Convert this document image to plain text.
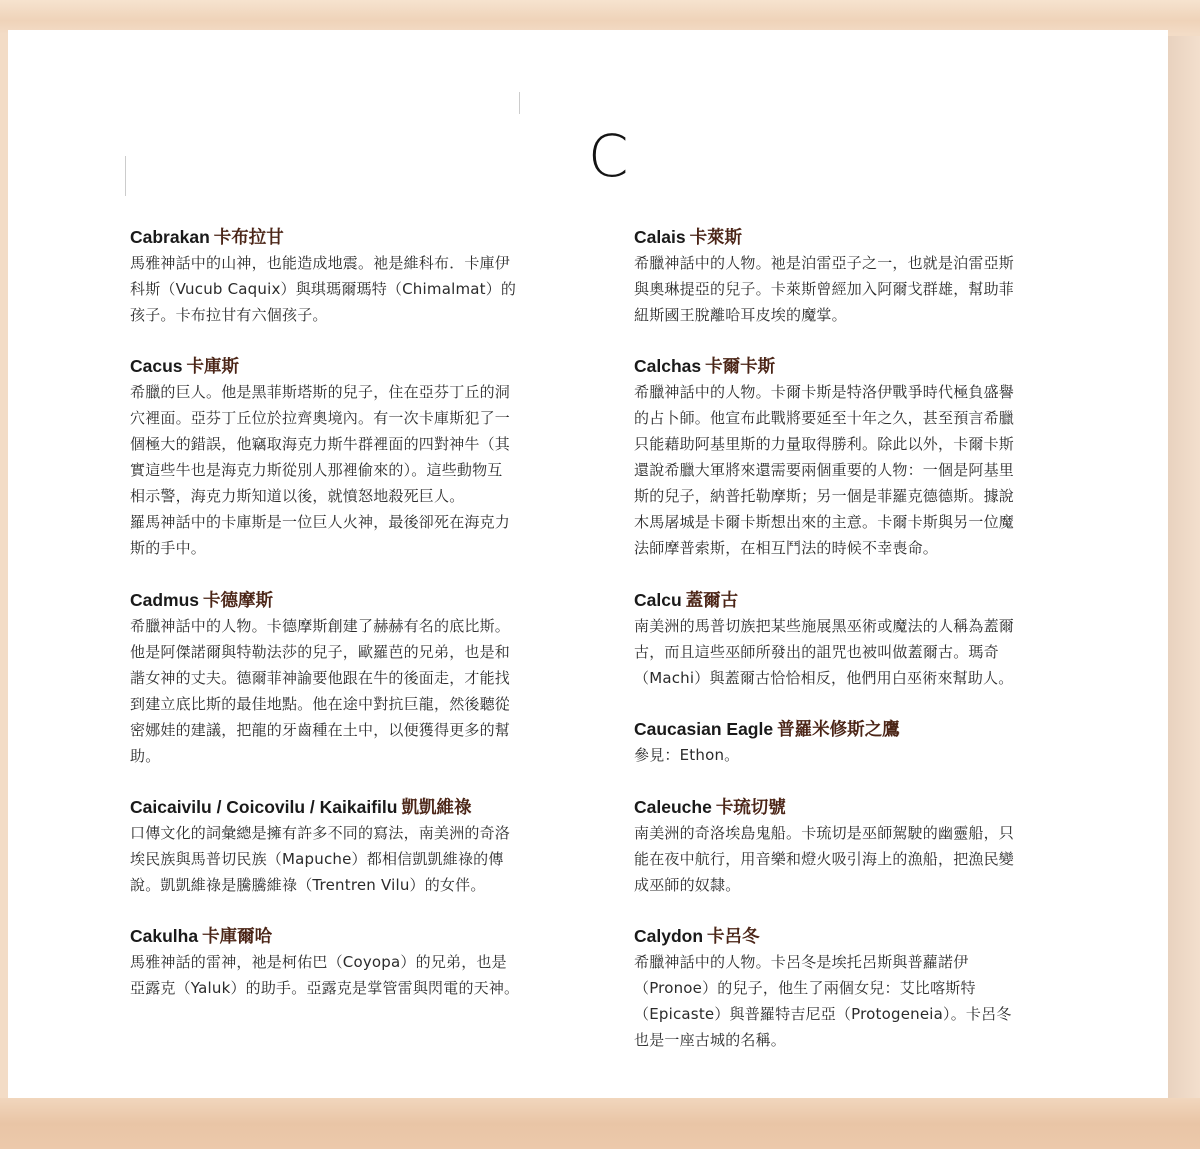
C
Cabrakan 卡布拉甘
馬雅神話中的山神，也能造成地震。祂是維科布．卡庫伊
科斯（Vucub Caquix）與琪瑪爾瑪特（Chimalmat）的
孩子。卡布拉甘有六個孩子。
Cacus 卡庫斯
希臘的巨人。他是黑菲斯塔斯的兒子，住在亞芬丁丘的洞
穴裡面。亞芬丁丘位於拉齊奧境內。有一次卡庫斯犯了一
個極大的錯誤，他竊取海克力斯牛群裡面的四對神牛（其
實這些牛也是海克力斯從別人那裡偷來的）。這些動物互
相示警，海克力斯知道以後，就憤怒地殺死巨人。
羅馬神話中的卡庫斯是一位巨人火神，最後卻死在海克力
斯的手中。
Cadmus 卡德摩斯
希臘神話中的人物。卡德摩斯創建了赫赫有名的底比斯。
他是阿傑諾爾與特勒法莎的兒子，歐羅芭的兄弟，也是和
諧女神的丈夫。德爾菲神諭要他跟在牛的後面走，才能找
到建立底比斯的最佳地點。他在途中對抗巨龍，然後聽從
密娜娃的建議，把龍的牙齒種在土中，以便獲得更多的幫
助。
Caicaivilu / Coicovilu / Kaikaifilu 凱凱維祿
口傳文化的詞彙總是擁有許多不同的寫法，南美洲的奇洛
埃民族與馬普切民族（Mapuche）都相信凱凱維祿的傳
說。凱凱維祿是騰騰維祿（Trentren Vilu）的女伴。
Cakulha 卡庫爾哈
馬雅神話的雷神，祂是柯佑巴（Coyopa）的兄弟，也是
亞露克（Yaluk）的助手。亞露克是掌管雷與閃電的天神。
Calais 卡萊斯
希臘神話中的人物。祂是泊雷亞子之一，也就是泊雷亞斯
與奧琳提亞的兒子。卡萊斯曾經加入阿爾戈群雄，幫助菲
紐斯國王脫離哈耳皮埃的魔掌。
Calchas 卡爾卡斯
希臘神話中的人物。卡爾卡斯是特洛伊戰爭時代極負盛譽
的占卜師。他宣布此戰將要延至十年之久，甚至預言希臘
只能藉助阿基里斯的力量取得勝利。除此以外，卡爾卡斯
還說希臘大軍將來還需要兩個重要的人物：一個是阿基里
斯的兒子，納普托勒摩斯；另一個是菲羅克德德斯。據說
木馬屠城是卡爾卡斯想出來的主意。卡爾卡斯與另一位魔
法師摩普索斯，在相互鬥法的時候不幸喪命。
Calcu 蓋爾古
南美洲的馬普切族把某些施展黑巫術或魔法的人稱為蓋爾
古，而且這些巫師所發出的詛咒也被叫做蓋爾古。瑪奇
（Machi）與蓋爾古恰恰相反，他們用白巫術來幫助人。
Caucasian Eagle 普羅米修斯之鷹
參見：Ethon。
Caleuche 卡琉切號
南美洲的奇洛埃島鬼船。卡琉切是巫師駕駛的幽靈船，只
能在夜中航行，用音樂和燈火吸引海上的漁船，把漁民變
成巫師的奴隸。
Calydon 卡呂冬
希臘神話中的人物。卡呂冬是埃托呂斯與普蘿諾伊
（Pronoe）的兒子，他生了兩個女兒：艾比喀斯特
（Epicaste）與普羅特吉尼亞（Protogeneia）。卡呂冬
也是一座古城的名稱。
